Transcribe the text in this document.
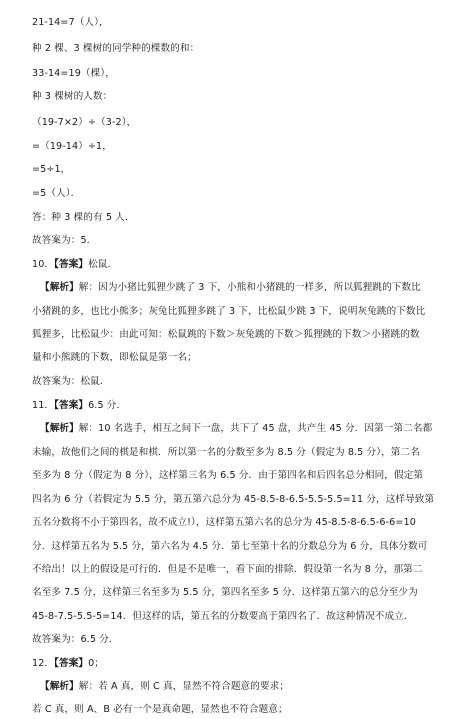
21-14=7（人），
种 2 棵、3 棵树的同学种的棵数的和：
33-14=19（棵），
种 3 棵树的人数：
（19-7×2）÷（3-2），
=（19-14）÷1，
=5÷1，
=5（人）．
答：种 3 棵的有 5 人．
故答案为：5．
10．【答案】松鼠．
【解析】解：因为小猪比狐狸少跳了 3 下，小熊和小猪跳的一样多，所以狐狸跳的下数比
小猪跳的多，也比小熊多；灰兔比狐狸多跳了 3 下，比松鼠少跳 3 下，说明灰兔跳的下数比
狐狸多，比松鼠少：由此可知：松鼠跳的下数＞灰兔跳的下数＞狐狸跳的下数＞小猪跳的数
量和小熊跳的下数，即松鼠是第一名；
故答案为：松鼠．
11．【答案】6.5 分．
【解析】解：10 名选手，相互之间下一盘，共下了 45 盘，共产生 45 分．因第一第二名都
未输，故他们之间的棋是和棋．所以第一名的分数至多为 8.5 分（假定为 8.5 分），第二名
至多为 8 分（假定为 8 分），这样第三名为 6.5 分．由于第四名和后四名总分相同，假定第
四名为 6 分（若假定为 5.5 分，第五第六总分为 45-8.5-8-6.5-5.5-5.5=11 分，这样导致第
五名分数将不小于第四名，故不成立!），这样第五第六名的总分为 45-8.5-8-6.5-6-6=10
分．这样第五名为 5.5 分，第六名为 4.5 分．第七至第十名的分数总分为 6 分，具体分数可
不给出！以上的假设是可行的．但是不是唯一，看下面的排除．假设第一名为 8 分，那第二
名至多 7.5 分，这样第三名至多为 5.5 分，第四名至多 5 分．这样第五第六的总分至少为
45-8-7.5-5.5-5=14．但这样的话，第五名的分数要高于第四名了．故这种情况不成立．
故答案为：6.5 分．
12．【答案】0；
【解析】解：若 A 真，则 C 真，显然不符合题意的要求；
若 C 真，则 A、B 必有一个是真命题，显然也不符合题意；
